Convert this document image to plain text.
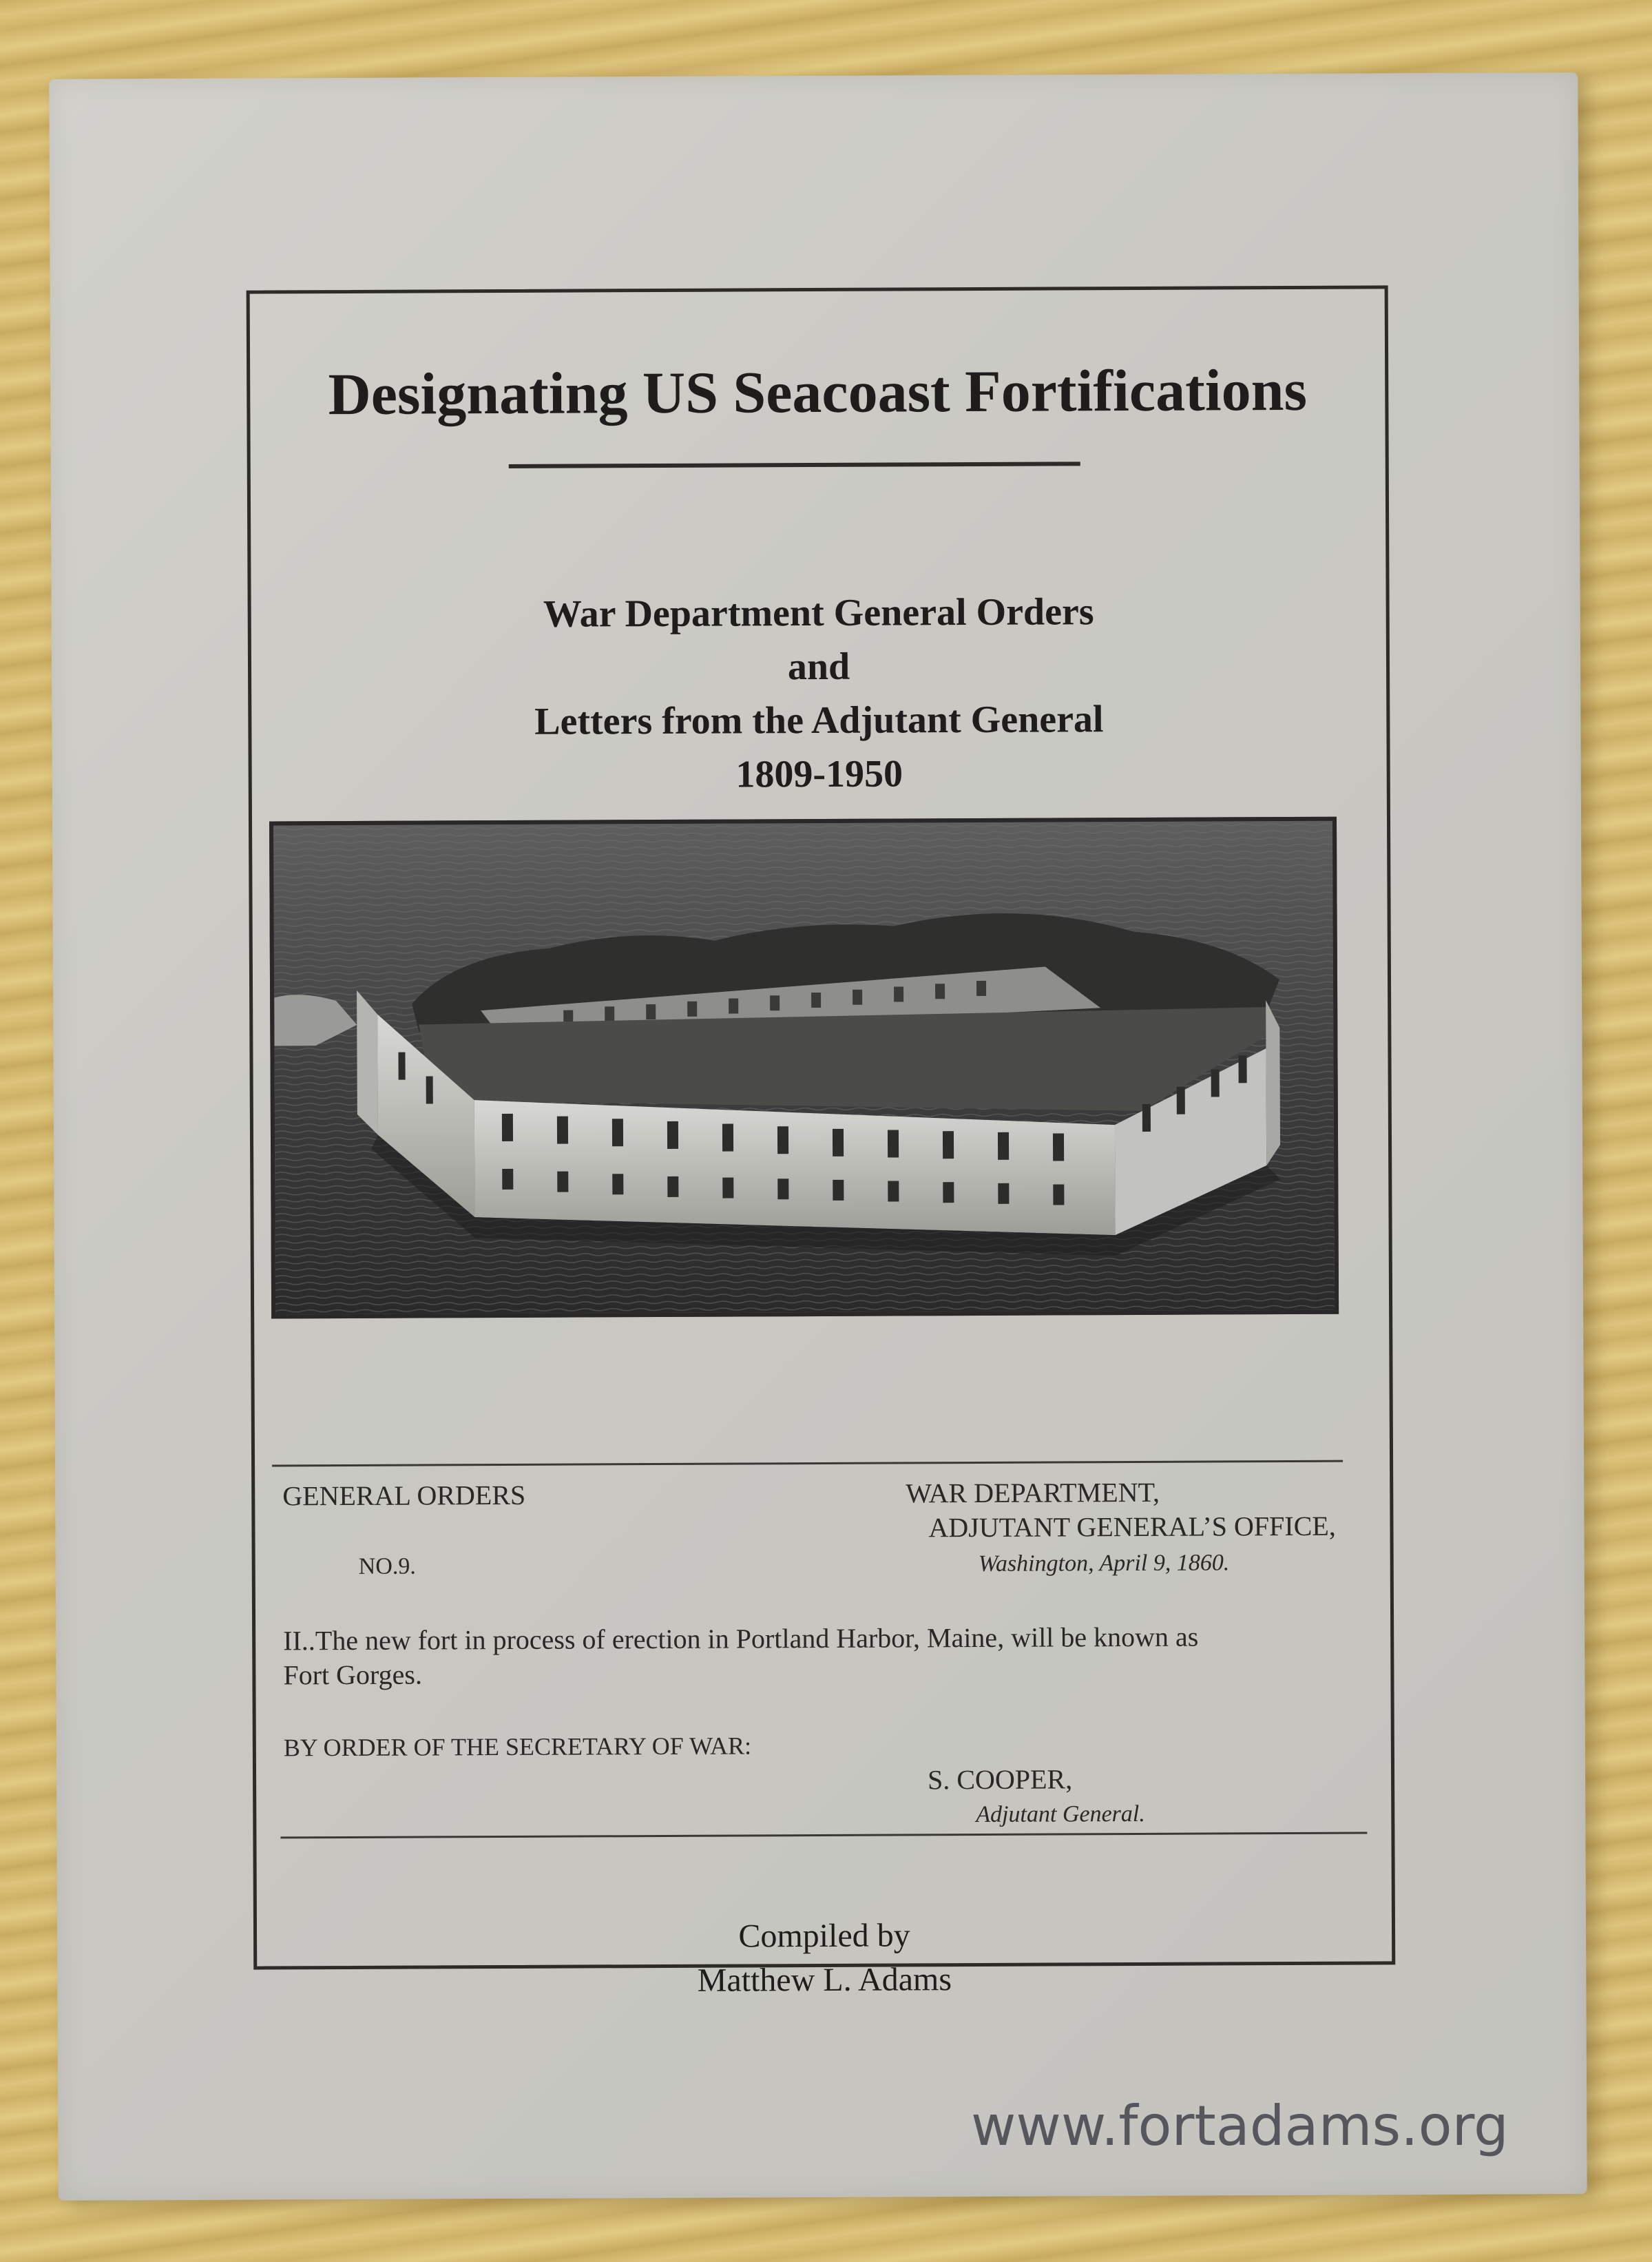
Designating US Seacoast Fortifications
War Department General Orders
and
Letters from the Adjutant General
1809-1950
GENERAL ORDERS
NO.9.
WAR DEPARTMENT,
ADJUTANT GENERAL’S OFFICE,
Washington, April 9, 1860.
II..The new fort in process of erection in Portland Harbor, Maine, will be known as
Fort Gorges.
BY ORDER OF THE SECRETARY OF WAR:
S. COOPER,
Adjutant General.
Compiled by
Matthew L. Adams
www.fortadams.org
